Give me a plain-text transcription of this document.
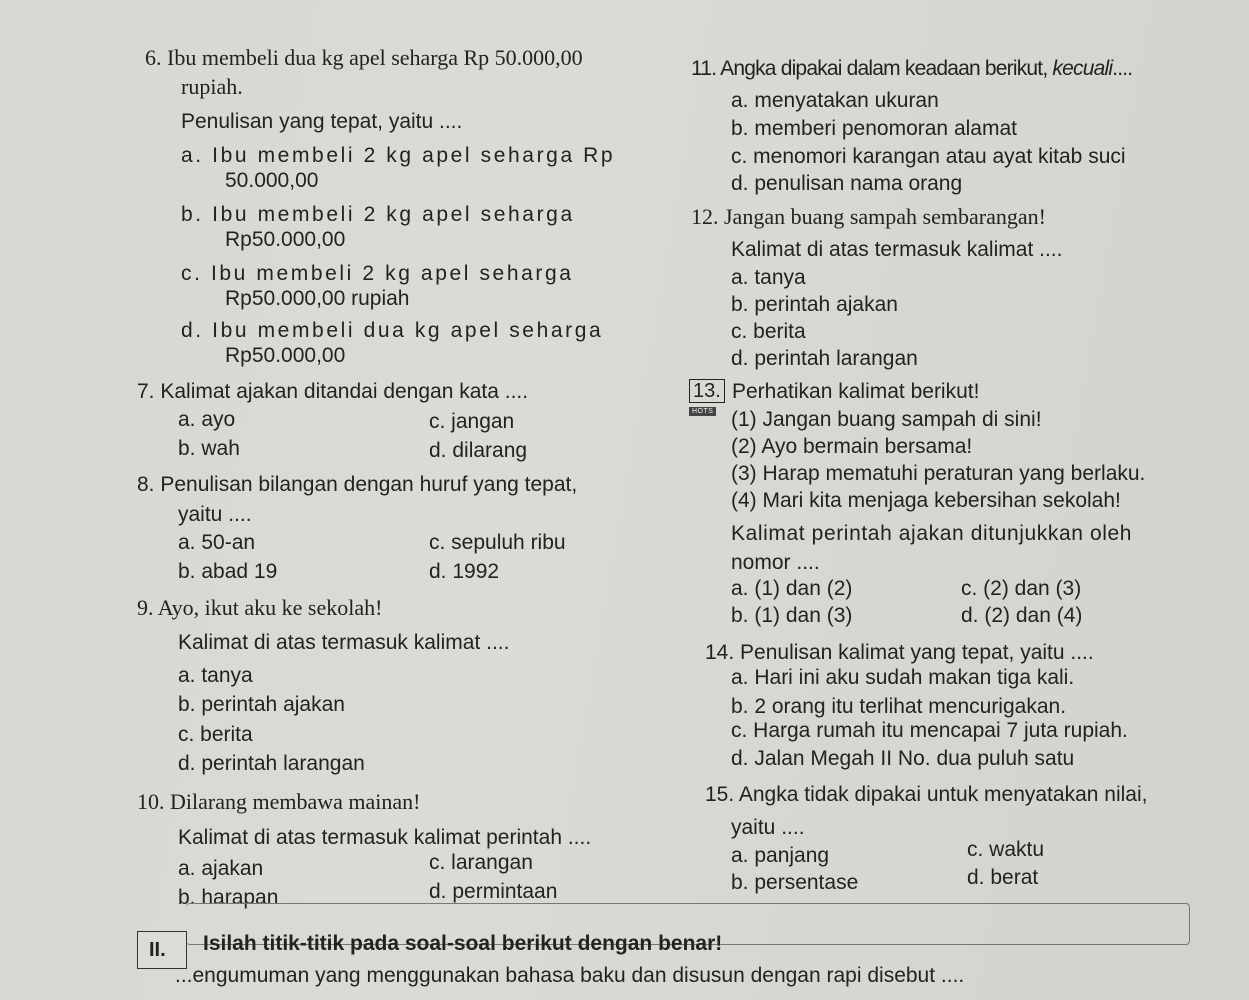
6. Ibu membeli dua kg apel seharga Rp 50.000,00
rupiah.
Penulisan yang tepat, yaitu ....
a. Ibu membeli 2 kg apel seharga Rp
50.000,00
b. Ibu membeli 2 kg apel seharga
Rp50.000,00
c. Ibu membeli 2 kg apel seharga
Rp50.000,00 rupiah
d. Ibu membeli dua kg apel seharga
Rp50.000,00
7. Kalimat ajakan ditandai dengan kata ....
a. ayo	c. jangan
b. wah	d. dilarang
8. Penulisan bilangan dengan huruf yang tepat,
yaitu ....
a. 50-an	c. sepuluh ribu
b. abad 19	d. 1992
9. Ayo, ikut aku ke sekolah!
Kalimat di atas termasuk kalimat ....
a. tanya
b. perintah ajakan
c. berita
d. perintah larangan
10. Dilarang membawa mainan!
Kalimat di atas termasuk kalimat perintah ....
a. ajakan	c. larangan
b. harapan	d. permintaan
11. Angka dipakai dalam keadaan berikut, kecuali....
a. menyatakan ukuran
b. memberi penomoran alamat
c. menomori karangan atau ayat kitab suci
d. penulisan nama orang
12. Jangan buang sampah sembarangan!
Kalimat di atas termasuk kalimat ....
a. tanya
b. perintah ajakan
c. berita
d. perintah larangan
13. Perhatikan kalimat berikut!
HOTS (1) Jangan buang sampah di sini!
(2) Ayo bermain bersama!
(3) Harap mematuhi peraturan yang berlaku.
(4) Mari kita menjaga kebersihan sekolah!
Kalimat perintah ajakan ditunjukkan oleh
nomor ....
a. (1) dan (2)	c. (2) dan (3)
b. (1) dan (3)	d. (2) dan (4)
14. Penulisan kalimat yang tepat, yaitu ....
a. Hari ini aku sudah makan tiga kali.
b. 2 orang itu terlihat mencurigakan.
c. Harga rumah itu mencapai 7 juta rupiah.
d. Jalan Megah II No. dua puluh satu
15. Angka tidak dipakai untuk menyatakan nilai,
yaitu ....
a. panjang	c. waktu
b. persentase	d. berat
II. Isilah titik-titik pada soal-soal berikut dengan benar!
...engumuman yang menggunakan bahasa baku dan disusun dengan rapi disebut ....
